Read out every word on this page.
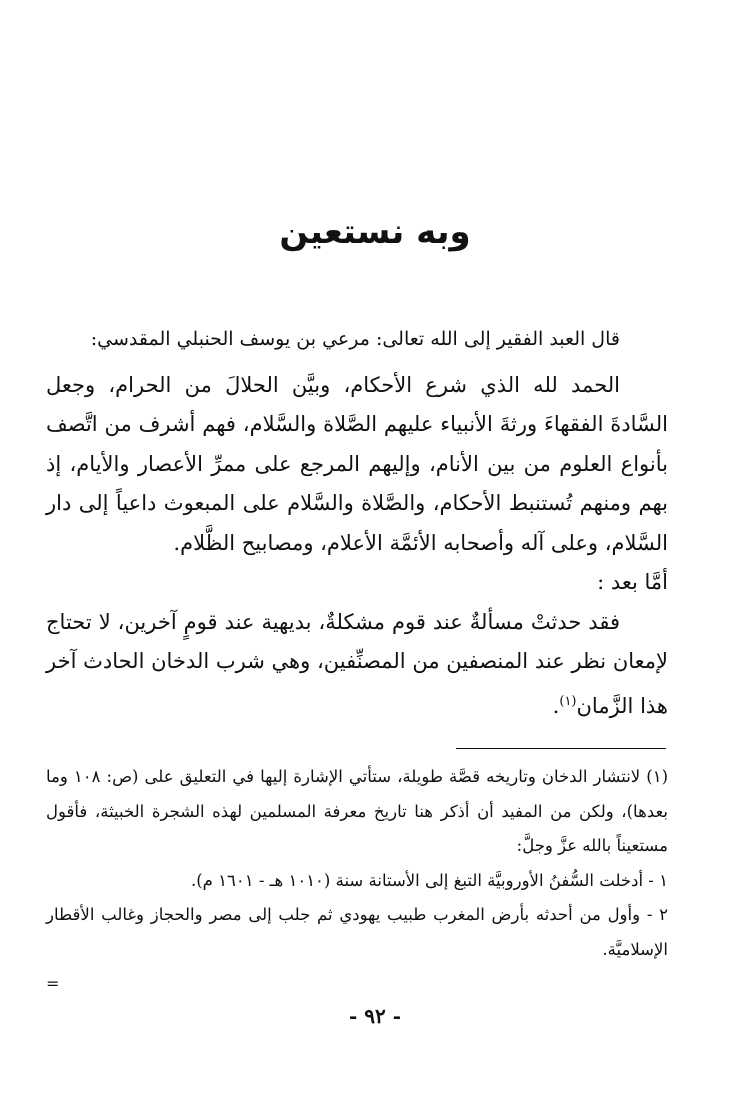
وبه نستعين

قال العبد الفقير إلى الله تعالى: مرعي بن يوسف الحنبلي المقدسي:

الحمد لله الذي شرع الأحكام، وبيَّن الحلالَ من الحرام، وجعل السَّادةَ الفقهاءَ ورثةَ الأنبياء عليهم الصَّلاة والسَّلام، فهم أشرف من اتَّصف بأنواع العلوم من بين الأنام، وإليهم المرجع على ممرِّ الأعصار والأيام، إذ بهم ومنهم تُستنبط الأحكام، والصَّلاة والسَّلام على المبعوث داعياً إلى دار السَّلام، وعلى آله وأصحابه الأئمَّة الأعلام، ومصابيح الظَّلام.

أمَّا بعد :

فقد حدثتْ مسألةٌ عند قوم مشكلةٌ، بديهية عند قومٍ آخرين، لا تحتاج لإمعان نظر عند المنصفين من المصنِّفين، وهي شرب الدخان الحادث آخر هذا الزَّمان$^{(١)}$.

(١) لانتشار الدخان وتاريخه قصَّة طويلة، ستأتي الإشارة إليها في التعليق على (ص: ١٠٨ وما بعدها)، ولكن من المفيد أن أذكر هنا تاريخ معرفة المسلمين لهذه الشجرة الخبيثة، فأقول مستعيناً بالله عزَّ وجلَّ:

١ - أدخلت السُّفنُ الأوروبيَّة التبغ إلى الأستانة سنة (١٠١٠ هـ - ١٦٠١ م).

٢ - وأول من أحدثه بأرض المغرب طبيب يهودي ثم جلب إلى مصر والحجاز وغالب الأقطار الإسلاميَّة.

=
- ٩٢ -
